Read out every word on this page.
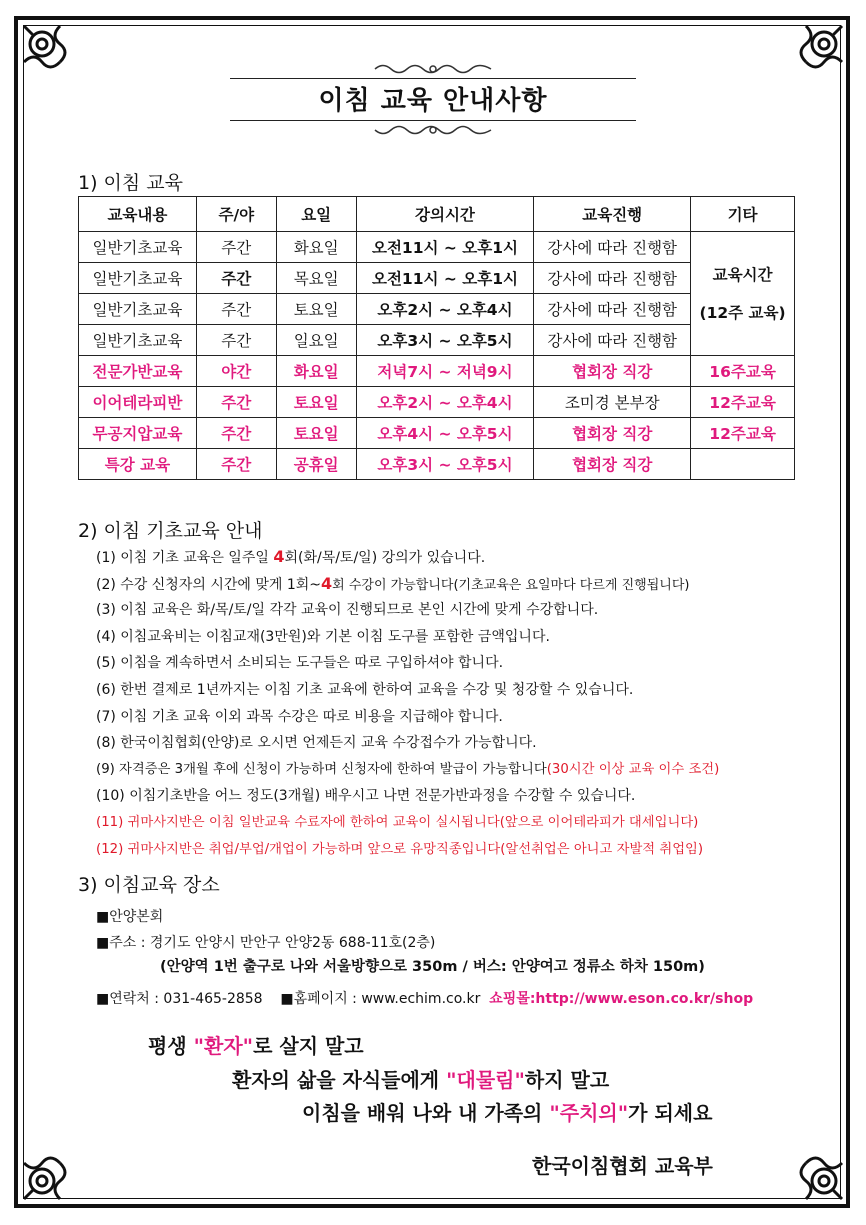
이침 교육 안내사항
1) 이침 교육
교육내용	주/야	요일	강의시간	교육진행	기타
일반기초교육	주간	화요일	오전11시 ~ 오후1시	강사에 따라 진행함	교육시간
(12주 교육)
일반기초교육	주간	목요일	오전11시 ~ 오후1시	강사에 따라 진행함	
일반기초교육	주간	토요일	오후2시 ~ 오후4시	강사에 따라 진행함	
일반기초교육	주간	일요일	오후3시 ~ 오후5시	강사에 따라 진행함	
전문가반교육	야간	화요일	저녁7시 ~ 저녁9시	협회장 직강	16주교육
이어테라피반	주간	토요일	오후2시 ~ 오후4시	조미경 본부장	12주교육
무공지압교육	주간	토요일	오후4시 ~ 오후5시	협회장 직강	12주교육
특강 교육	주간	공휴일	오후3시 ~ 오후5시	협회장 직강	
2) 이침 기초교육 안내
(1) 이침 기초 교육은 일주일 4회(화/목/토/일) 강의가 있습니다.
(2) 수강 신청자의 시간에 맞게 1회~4회 수강이 가능합니다(기초교육은 요일마다 다르게 진행됩니다)
(3) 이침 교육은 화/목/토/일 각각 교육이 진행되므로 본인 시간에 맞게 수강합니다.
(4) 이침교육비는 이침교재(3만원)와 기본 이침 도구를 포함한 금액입니다.
(5) 이침을 계속하면서 소비되는 도구들은 따로 구입하셔야 합니다.
(6) 한번 결제로 1년까지는 이침 기초 교육에 한하여 교육을 수강 및 청강할 수 있습니다.
(7) 이침 기초 교육 이외 과목 수강은 따로 비용을 지급해야 합니다.
(8) 한국이침협회(안양)로 오시면 언제든지 교육 수강접수가 가능합니다.
(9) 자격증은 3개월 후에 신청이 가능하며 신청자에 한하여 발급이 가능합니다(30시간 이상 교육 이수 조건)
(10) 이침기초반을 어느 정도(3개월) 배우시고 나면 전문가반과정을 수강할 수 있습니다.
(11) 귀마사지반은 이침 일반교육 수료자에 한하여 교육이 실시됩니다(앞으로 이어테라피가 대세입니다)
(12) 귀마사지반은 취업/부업/개업이 가능하며 앞으로 유망직종입니다(알선취업은 아니고 자발적 취업임)
3) 이침교육 장소
■안양본회
■주소 : 경기도 안양시 만안구 안양2동 688-11호(2층)
(안양역 1번 출구로 나와 서울방향으로 350m / 버스: 안양여고 정류소 하차 150m)
■연락처 : 031-465-2858 ■홈페이지 : www.echim.co.kr 쇼핑몰:http://www.eson.co.kr/shop
평생 "환자"로 살지 말고
환자의 삶을 자식들에게 "대물림"하지 말고
이침을 배워 나와 내 가족의 "주치의"가 되세요
한국이침협회 교육부
